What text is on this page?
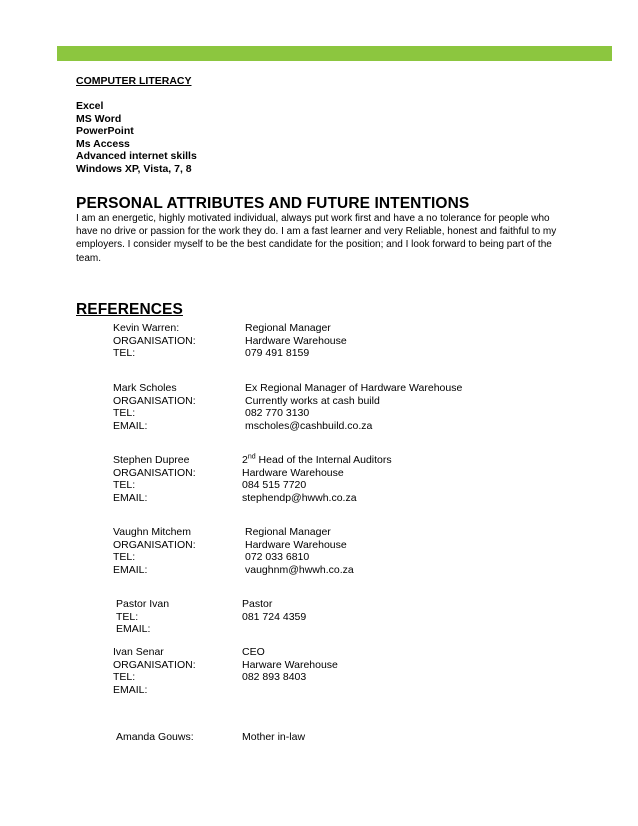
COMPUTER LITERACY
Excel
MS Word
PowerPoint
Ms Access
Advanced internet skills
Windows XP, Vista, 7, 8
PERSONAL ATTRIBUTES AND FUTURE INTENTIONS
I am an energetic, highly motivated individual, always put work first and have a no tolerance for people who have no drive or passion for the work they do. I am a fast learner and very Reliable, honest and faithful to my employers. I consider myself to be the best candidate for the position; and I look forward to being part of the team.
REFERENCES
Kevin Warren:	Regional Manager
ORGANISATION:	Hardware Warehouse
TEL:	079 491 8159
Mark Scholes	Ex Regional Manager of Hardware Warehouse
ORGANISATION:	Currently works at cash build
TEL:	082 770 3130
EMAIL:	mscholes@cashbuild.co.za
Stephen Dupree	2nd Head of the Internal Auditors
ORGANISATION:	Hardware Warehouse
TEL:	084 515 7720
EMAIL:	stephendp@hwwh.co.za
Vaughn Mitchem	Regional Manager
ORGANISATION:	Hardware Warehouse
TEL:	072 033 6810
EMAIL:	vaughnm@hwwh.co.za
Pastor Ivan	Pastor
TEL:	081 724 4359
EMAIL:
Ivan Senar	CEO
ORGANISATION:	Harware Warehouse
TEL:	082 893 8403
EMAIL:
Amanda Gouws:	Mother in-law
